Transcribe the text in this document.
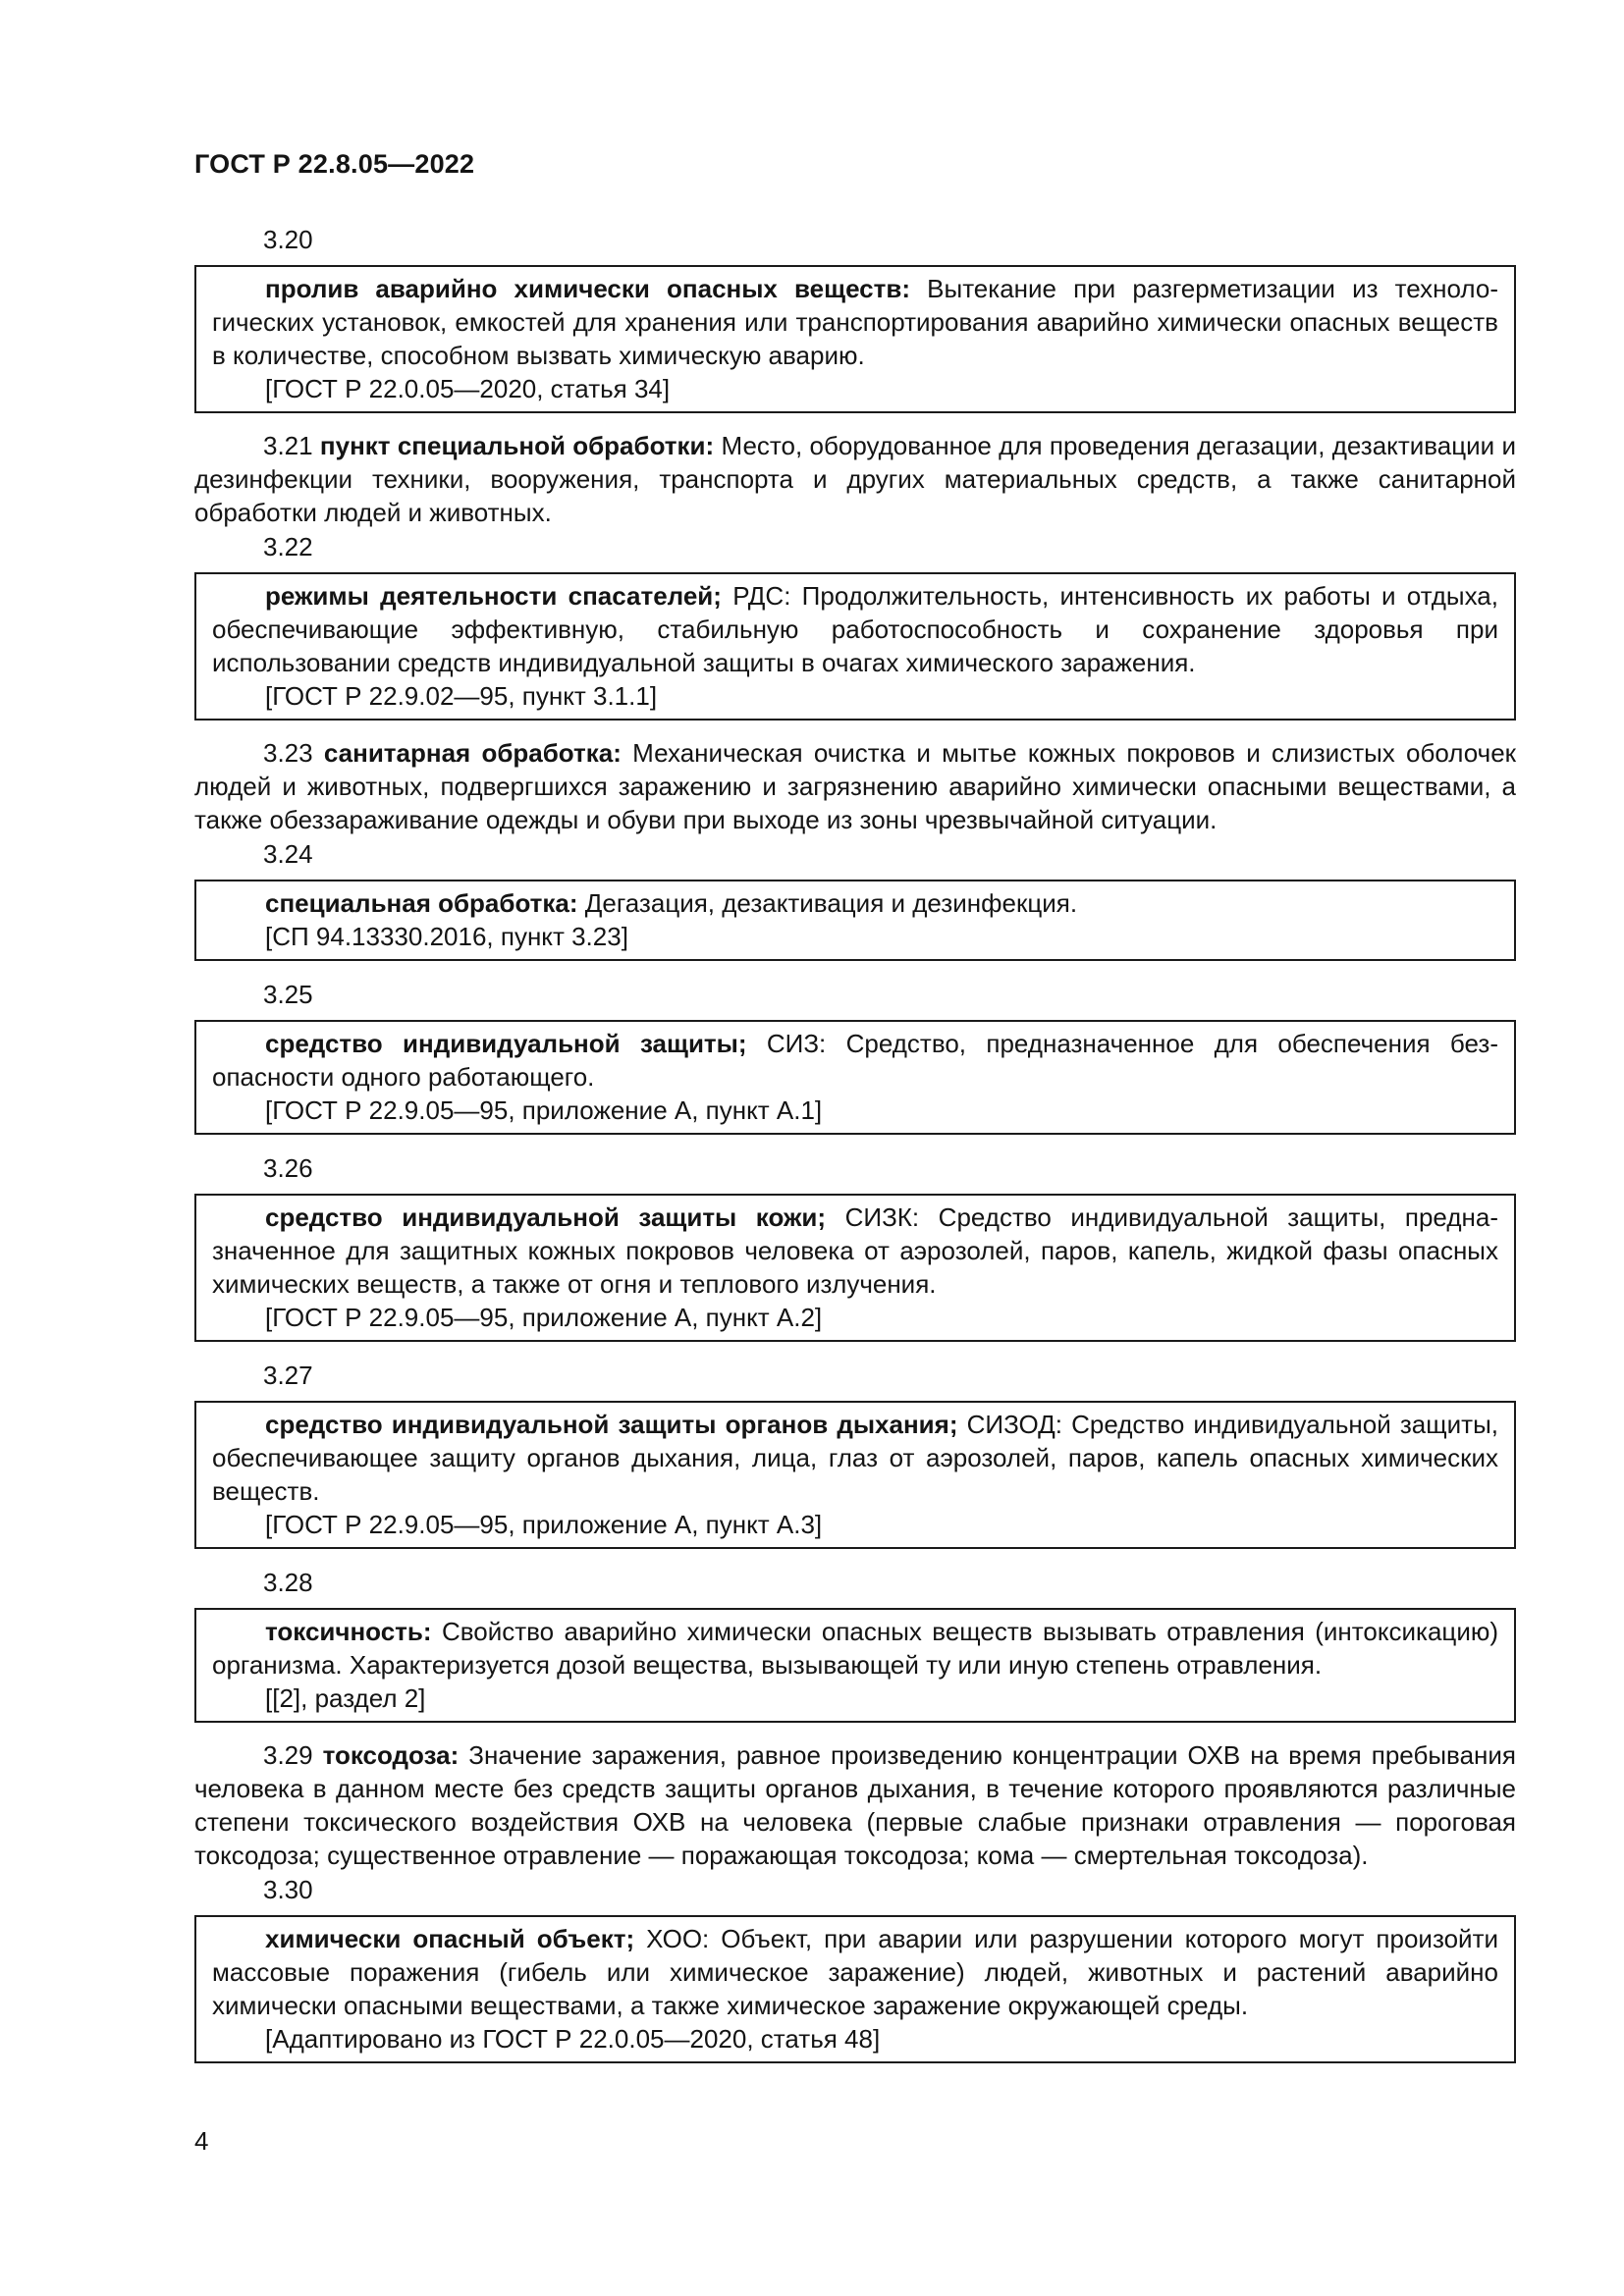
ГОСТ Р 22.8.05—2022
3.20

пролив аварийно химически опасных веществ: Вытекание при разгерметизации из технологических установок, емкостей для хранения или транспортирования аварийно химически опасных веществ в количестве, способном вызвать химическую аварию.

[ГОСТ Р 22.0.05—2020, статья 34]

3.21 пункт специальной обработки: Место, оборудованное для проведения дегазации, дезактивации и дезинфекции техники, вооружения, транспорта и других материальных средств, а также санитарной обработки людей и животных.

3.22

режимы деятельности спасателей; РДС: Продолжительность, интенсивность их работы и отдыха, обеспечивающие эффективную, стабильную работоспособность и сохранение здоровья при использовании средств индивидуальной защиты в очагах химического заражения.

[ГОСТ Р 22.9.02—95, пункт 3.1.1]

3.23 санитарная обработка: Механическая очистка и мытье кожных покровов и слизистых оболочек людей и животных, подвергшихся заражению и загрязнению аварийно химически опасными веществами, а также обеззараживание одежды и обуви при выходе из зоны чрезвычайной ситуации.

3.24

специальная обработка: Дегазация, дезактивация и дезинфекция.

[СП 94.13330.2016, пункт 3.23]

3.25

средство индивидуальной защиты; СИЗ: Средство, предназначенное для обеспечения безопасности одного работающего.

[ГОСТ Р 22.9.05—95, приложение А, пункт А.1]

3.26

средство индивидуальной защиты кожи; СИЗК: Средство индивидуальной защиты, предназначенное для защитных кожных покровов человека от аэрозолей, паров, капель, жидкой фазы опасных химических веществ, а также от огня и теплового излучения.

[ГОСТ Р 22.9.05—95, приложение А, пункт А.2]

3.27

средство индивидуальной защиты органов дыхания; СИЗОД: Средство индивидуальной защиты, обеспечивающее защиту органов дыхания, лица, глаз от аэрозолей, паров, капель опасных химических веществ.

[ГОСТ Р 22.9.05—95, приложение А, пункт А.3]

3.28

токсичность: Свойство аварийно химически опасных веществ вызывать отравления (интоксикацию) организма. Характеризуется дозой вещества, вызывающей ту или иную степень отравления.

[[2], раздел 2]

3.29 токсодоза: Значение заражения, равное произведению концентрации ОХВ на время пребывания человека в данном месте без средств защиты органов дыхания, в течение которого проявляются различные степени токсического воздействия ОХВ на человека (первые слабые признаки отравления — пороговая токсодоза; существенное отравление — поражающая токсодоза; кома — смертельная токсодоза).

3.30

химически опасный объект; ХОО: Объект, при аварии или разрушении которого могут произойти массовые поражения (гибель или химическое заражение) людей, животных и растений аварийно химически опасными веществами, а также химическое заражение окружающей среды.

[Адаптировано из ГОСТ Р 22.0.05—2020, статья 48]

4
